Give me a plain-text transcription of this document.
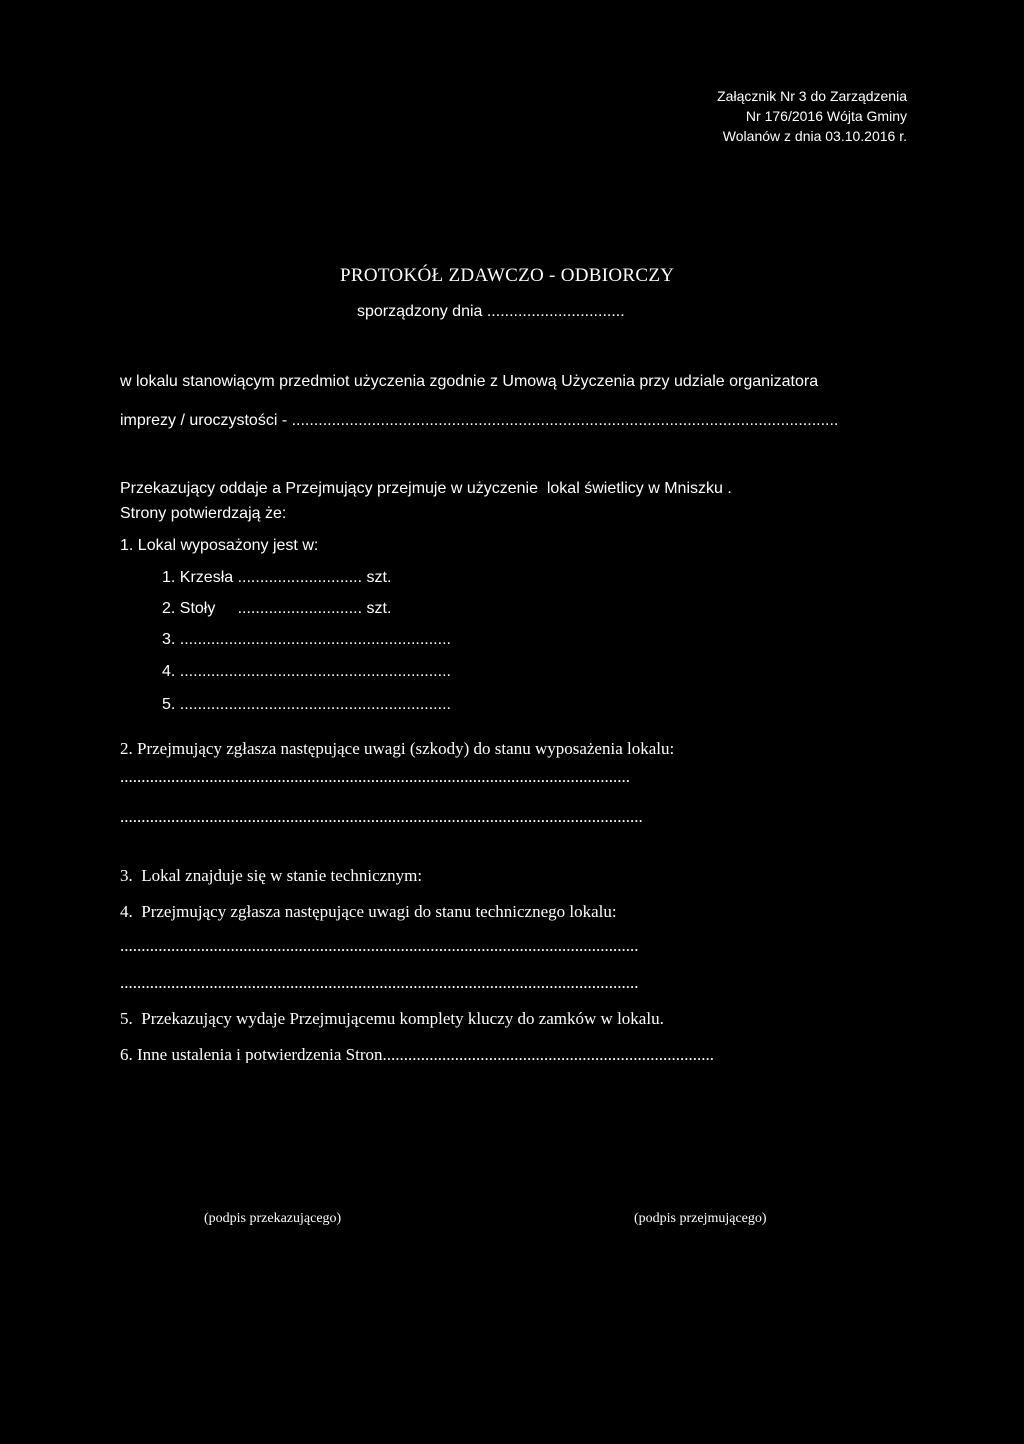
Załącznik Nr 3 do Zarządzenia
Nr 176/2016 Wójta Gminy
Wolanów z dnia 03.10.2016 r.
PROTOKÓŁ ZDAWCZO - ODBIORCZY
sporządzony dnia ...............................
w lokalu stanowiącym przedmiot użyczenia zgodnie z Umową Użyczenia przy udziale organizatora
imprezy / uroczystości - ...........................................................................................................................
Przekazujący oddaje a Przejmujący przejmuje w użyczenie  lokal świetlicy w Mniszku .
Strony potwierdzają że:
1. Lokal wyposażony jest w:
1. Krzesła ............................ szt.
2. Stoły     ............................ szt.
3. .............................................................
4. .............................................................
5. .............................................................
2. Przejmujący zgłasza następujące uwagi (szkody) do stanu wyposażenia lokalu:
........................................................................................................................
...........................................................................................................................
3.  Lokal znajduje się w stanie technicznym:
4.  Przejmujący zgłasza następujące uwagi do stanu technicznego lokalu:
..........................................................................................................................
..........................................................................................................................
5.  Przekazujący wydaje Przejmującemu komplety kluczy do zamków w lokalu.
6. Inne ustalenia i potwierdzenia Stron..............................................................................
(podpis przekazującego)	(podpis przejmującego)
